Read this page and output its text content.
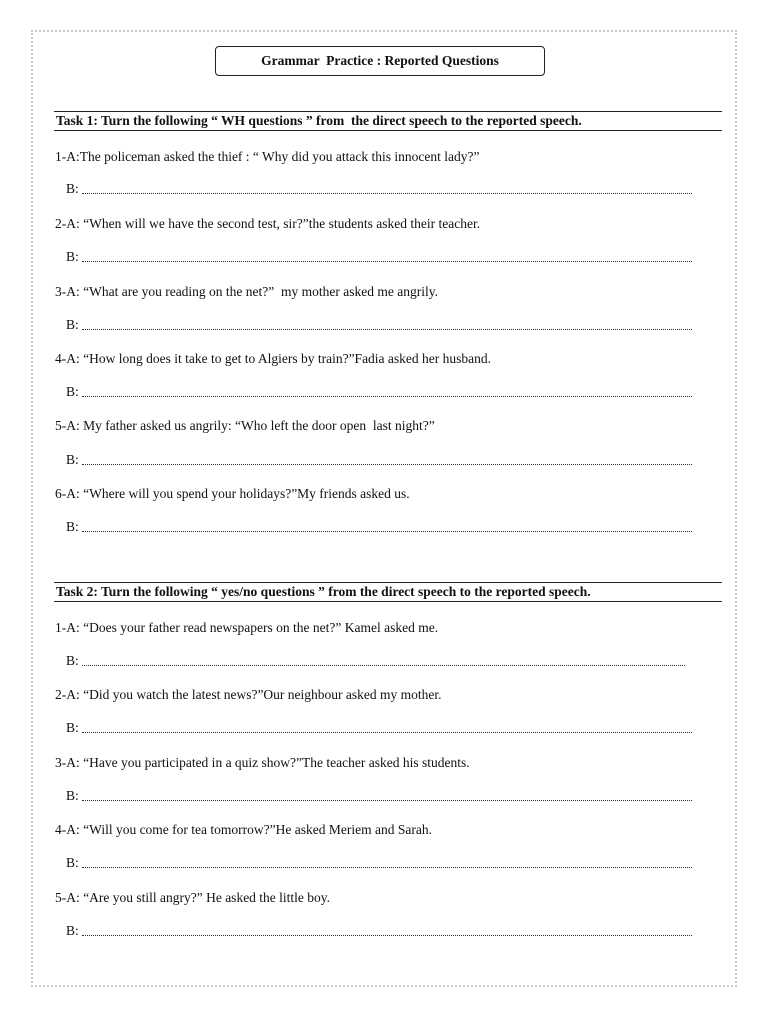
Grammar  Practice : Reported Questions
Task 1: Turn the following “ WH questions ” from  the direct speech to the reported speech.
1-A:The policeman asked the thief : “ Why did you attack this innocent lady?”
B:
2-A: “When will we have the second test, sir?”the students asked their teacher.
B:
3-A: “What are you reading on the net?”  my mother asked me angrily.
B:
4-A: “How long does it take to get to Algiers by train?”Fadia asked her husband.
B:
5-A: My father asked us angrily: “Who left the door open  last night?”
B:
6-A: “Where will you spend your holidays?”My friends asked us.
B:
Task 2: Turn the following “ yes/no questions ” from the direct speech to the reported speech.
1-A: “Does your father read newspapers on the net?” Kamel asked me.
B:
2-A: “Did you watch the latest news?”Our neighbour asked my mother.
B:
3-A: “Have you participated in a quiz show?”The teacher asked his students.
B:
4-A: “Will you come for tea tomorrow?”He asked Meriem and Sarah.
B:
5-A: “Are you still angry?” He asked the little boy.
B:
